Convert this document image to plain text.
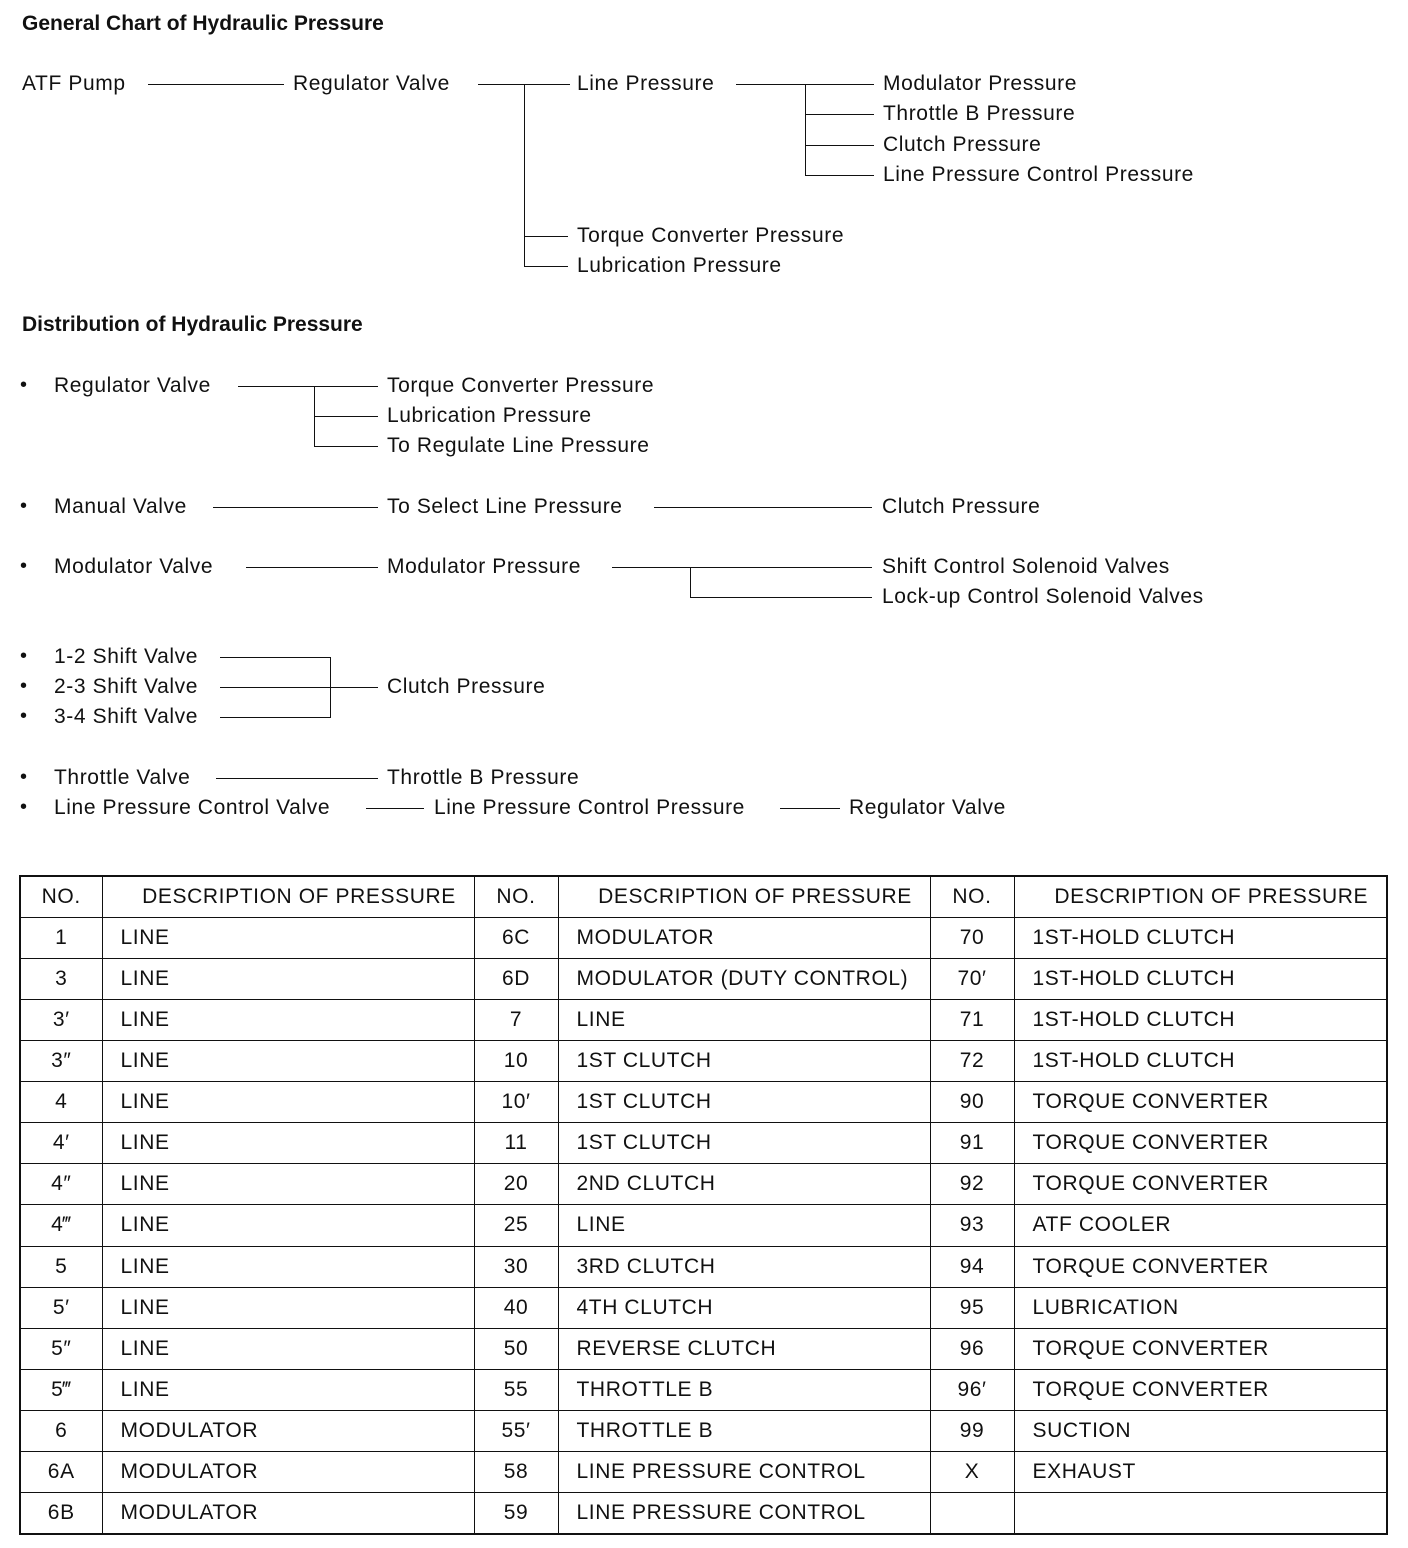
General Chart of Hydraulic Pressure
ATF Pump	Regulator Valve	Line Pressure	Modulator Pressure
Throttle B Pressure
Clutch Pressure
Line Pressure Control Pressure
Torque Converter Pressure
Lubrication Pressure
Distribution of Hydraulic Pressure
• Regulator Valve	Torque Converter Pressure
Lubrication Pressure
To Regulate Line Pressure
• Manual Valve	To Select Line Pressure	Clutch Pressure
• Modulator Valve	Modulator Pressure	Shift Control Solenoid Valves
Lock-up Control Solenoid Valves
•
•
•
1-2 Shift Valve
2-3 Shift Valve
3-4 Shift Valve
Clutch Pressure
• Throttle Valve	Throttle B Pressure
• Line Pressure Control Valve	Line Pressure Control Pressure	Regulator Valve
NO.	DESCRIPTION OF PRESSURE	NO.	DESCRIPTION OF PRESSURE	NO.	DESCRIPTION OF PRESSURE
1	LINE	6C	MODULATOR	70	1ST-HOLD CLUTCH
3	LINE	6D	MODULATOR (DUTY CONTROL)	70′	1ST-HOLD CLUTCH
3′	LINE	7	LINE	71	1ST-HOLD CLUTCH
3″	LINE	10	1ST CLUTCH	72	1ST-HOLD CLUTCH
4	LINE	10′	1ST CLUTCH	90	TORQUE CONVERTER
4′	LINE	11	1ST CLUTCH	91	TORQUE CONVERTER
4″	LINE	20	2ND CLUTCH	92	TORQUE CONVERTER
4‴	LINE	25	LINE	93	ATF COOLER
5	LINE	30	3RD CLUTCH	94	TORQUE CONVERTER
5′	LINE	40	4TH CLUTCH	95	LUBRICATION
5″	LINE	50	REVERSE CLUTCH	96	TORQUE CONVERTER
5‴	LINE	55	THROTTLE B	96′	TORQUE CONVERTER
6	MODULATOR	55′	THROTTLE B	99	SUCTION
6A	MODULATOR	58	LINE PRESSURE CONTROL	X	EXHAUST
6B	MODULATOR	59	LINE PRESSURE CONTROL		
